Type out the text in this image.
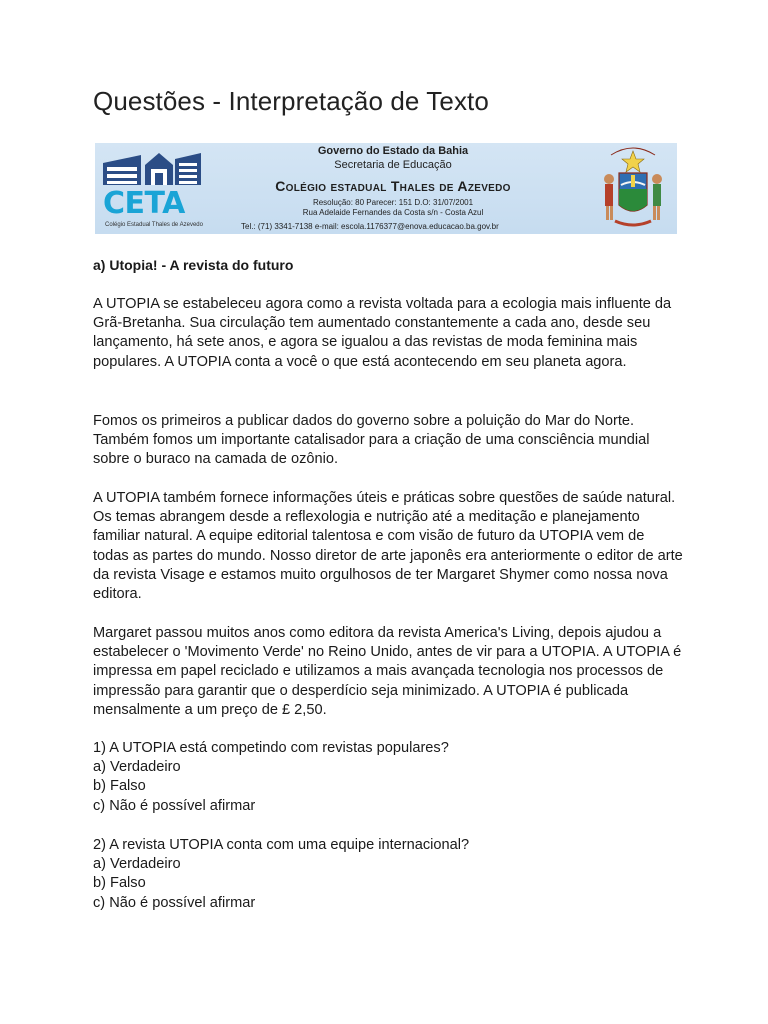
Questões - Interpretação de Texto
CETA
Colégio Estadual Thales de Azevedo
Governo do Estado da Bahia
Secretaria de Educação
Colégio estadual Thales de Azevedo
Resolução: 80 Parecer: 151 D.O: 31/07/2001
Rua Adelaide Fernandes da Costa s/n - Costa Azul
Tel.: (71) 3341-7138 e-mail: escola.1176377@enova.educacao.ba.gov.br
a) Utopia! - A revista do futuro

A UTOPIA se estabeleceu agora como a revista voltada para a ecologia mais influente da Grã-Bretanha. Sua circulação tem aumentado constantemente a cada ano, desde seu lançamento, há sete anos, e agora se igualou a das revistas de moda feminina mais populares. A UTOPIA conta a você o que está acontecendo em seu planeta agora.

Fomos os primeiros a publicar dados do governo sobre a poluição do Mar do Norte. Também fomos um importante catalisador para a criação de uma consciência mundial sobre o buraco na camada de ozônio.

A UTOPIA também fornece informações úteis e práticas sobre questões de saúde natural. Os temas abrangem desde a reflexologia e nutrição até a meditação e planejamento familiar natural. A equipe editorial talentosa e com visão de futuro da UTOPIA vem de todas as partes do mundo. Nosso diretor de arte japonês era anteriormente o editor de arte da revista Visage e estamos muito orgulhosos de ter Margaret Shymer como nossa nova editora.

Margaret passou muitos anos como editora da revista America's Living, depois ajudou a estabelecer o 'Movimento Verde' no Reino Unido, antes de vir para a UTOPIA. A UTOPIA é impressa em papel reciclado e utilizamos a mais avançada tecnologia nos processos de impressão para garantir que o desperdício seja minimizado. A UTOPIA é publicada mensalmente a um preço de £ 2,50.

1) A UTOPIA está competindo com revistas populares?
a) Verdadeiro
b) Falso
c) Não é possível afirmar
2) A revista UTOPIA conta com uma equipe internacional?
a) Verdadeiro
b) Falso
c) Não é possível afirmar
